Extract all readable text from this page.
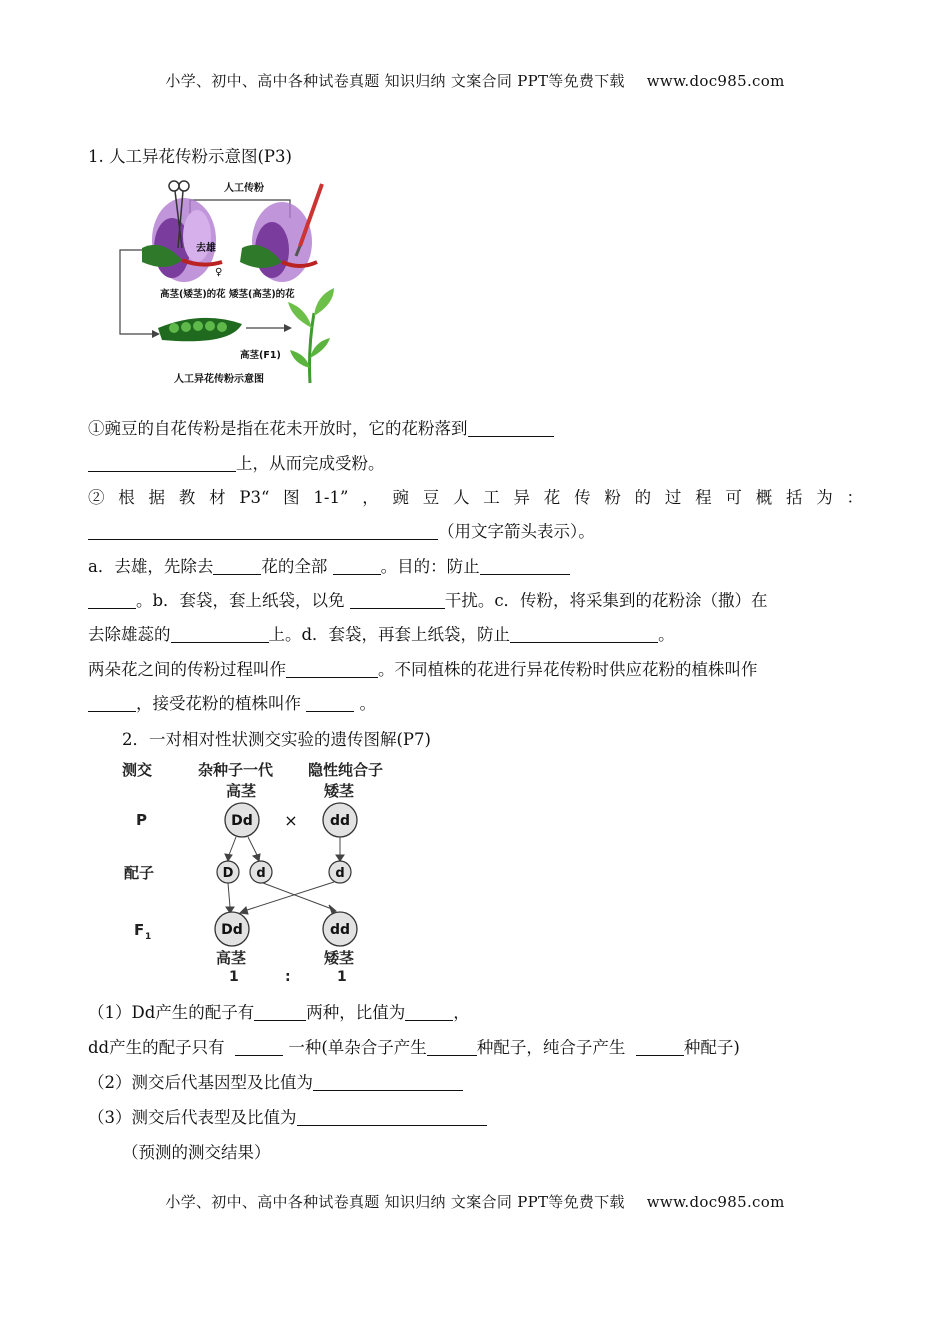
小学、初中、高中各种试卷真题 知识归纳 文案合同 PPT等免费下载 www.doc985.com
1. 人工异花传粉示意图(P3)
人工传粉
去雄
♀
高茎(矮茎)的花 矮茎(高茎)的花
高茎(F1)
人工异花传粉示意图
①豌豆的自花传粉是指在花未开放时，它的花粉落到
上，从而完成受粉。
②根据教材P3“图1-1”，豌豆人工异花传粉的过程可概括为：
（用文字箭头表示）。
a．去雄，先除去	花的全部	。目的：防止
。b．套袋，套上纸袋，以免	干扰。c．传粉，将采集到的花粉涂（撒）在
去除雄蕊的	上。d．套袋，再套上纸袋，防止	。
两朵花之间的传粉过程叫作	。不同植株的花进行异花传粉时供应花粉的植株叫作
，接受花粉的植株叫作	。
2．一对相对性状测交实验的遗传图解(P7)
测交	杂种子一代 隐性纯合子
高茎	矮茎
P
配子
F 1
Dd × dd
D d	d
Dd	dd
高茎	矮茎
1	:	1
（1）Dd产生的配子有	两种，比值为	，
dd产生的配子只有	一种(单杂合子产生	种配子，纯合子产生	种配子)
（2）测交后代基因型及比值为
（3）测交后代表型及比值为
（预测的测交结果）
小学、初中、高中各种试卷真题 知识归纳 文案合同 PPT等免费下载 www.doc985.com
